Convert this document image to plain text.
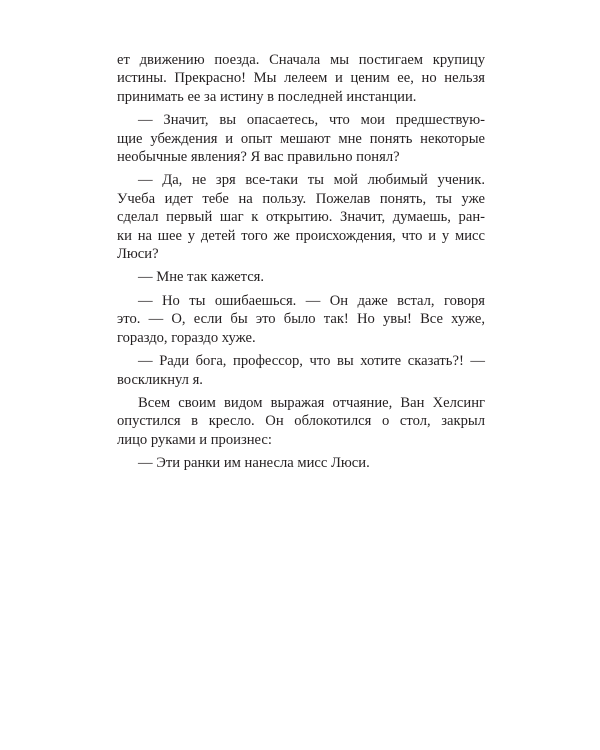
ет движению поезда. Сначала мы постигаем крупицу
истины. Прекрасно! Мы лелеем и ценим ее, но нельзя
принимать ее за истину в последней инстанции.
— Значит, вы опасаетесь, что мои предшествую-
щие убеждения и опыт мешают мне понять некоторые
необычные явления? Я вас правильно понял?
— Да, не зря все-таки ты мой любимый ученик.
Учеба идет тебе на пользу. Пожелав понять, ты уже
сделал первый шаг к открытию. Значит, думаешь, ран-
ки на шее у детей того же происхождения, что и у мисс
Люси?
— Мне так кажется.
— Но ты ошибаешься. — Он даже встал, говоря
это. — О, если бы это было так! Но увы! Все хуже,
гораздо, гораздо хуже.
— Ради бога, профессор, что вы хотите сказать?! —
воскликнул я.
Всем своим видом выражая отчаяние, Ван Хелсинг
опустился в кресло. Он облокотился о стол, закрыл
лицо руками и произнес:
— Эти ранки им нанесла мисс Люси.
